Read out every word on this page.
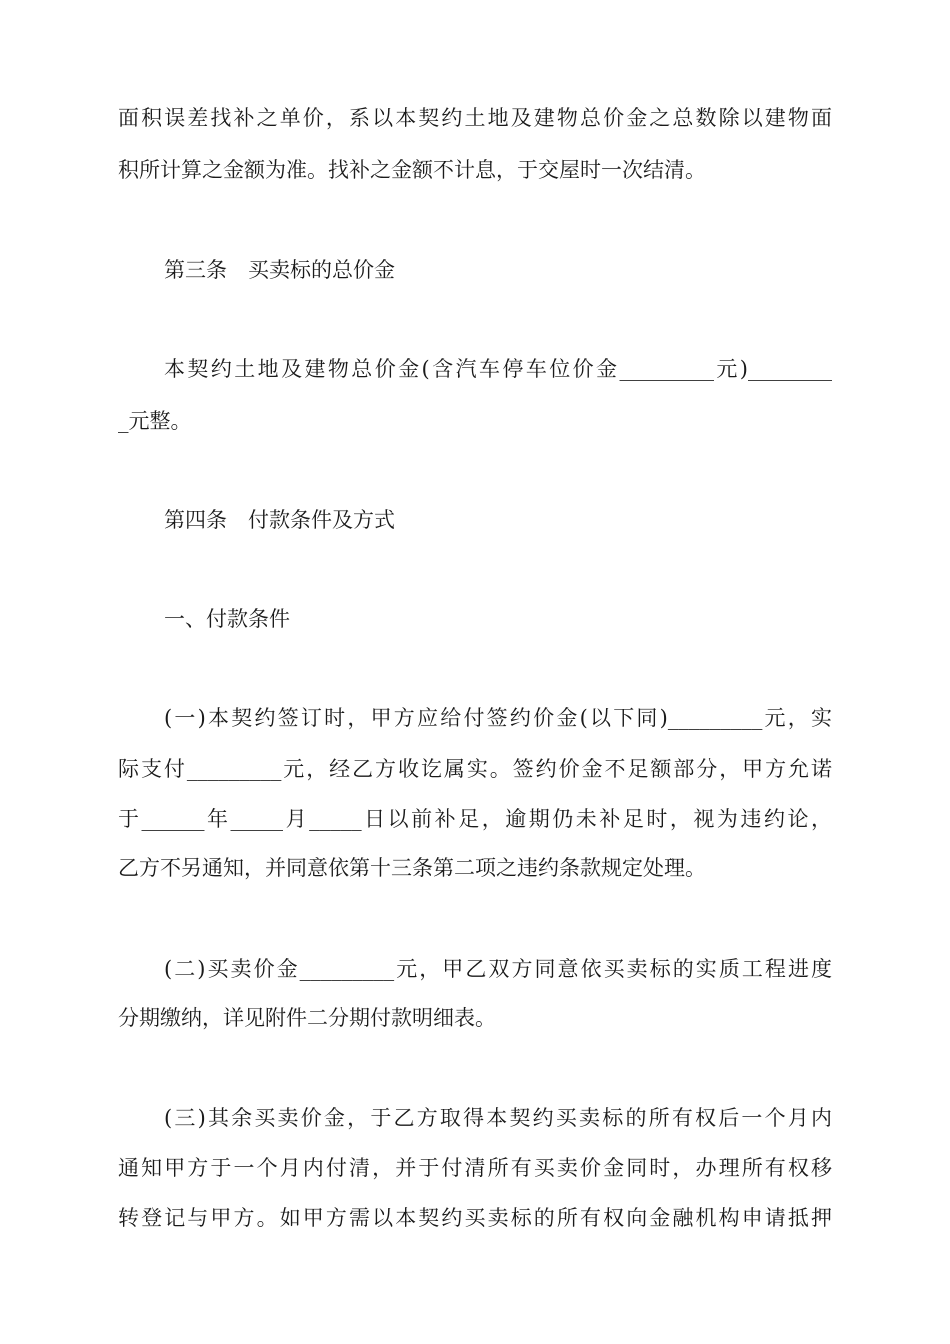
面积误差找补之单价，系以本契约土地及建物总价金之总数除以建物面
积所计算之金额为准。找补之金额不计息，于交屋时一次结清。
第三条　买卖标的总价金
本契约土地及建物总价金(含汽车停车位价金_________元)________
_元整。
第四条　付款条件及方式
一、付款条件
(一)本契约签订时，甲方应给付签约价金(以下同)_________元，实
际支付_________元，经乙方收讫属实。签约价金不足额部分，甲方允诺
于______年_____月_____日以前补足，逾期仍未补足时，视为违约论，
乙方不另通知，并同意依第十三条第二项之违约条款规定处理。
(二)买卖价金_________元，甲乙双方同意依买卖标的实质工程进度
分期缴纳，详见附件二分期付款明细表。
(三)其余买卖价金，于乙方取得本契约买卖标的所有权后一个月内
通知甲方于一个月内付清，并于付清所有买卖价金同时，办理所有权移
转登记与甲方。如甲方需以本契约买卖标的所有权向金融机构申请抵押
